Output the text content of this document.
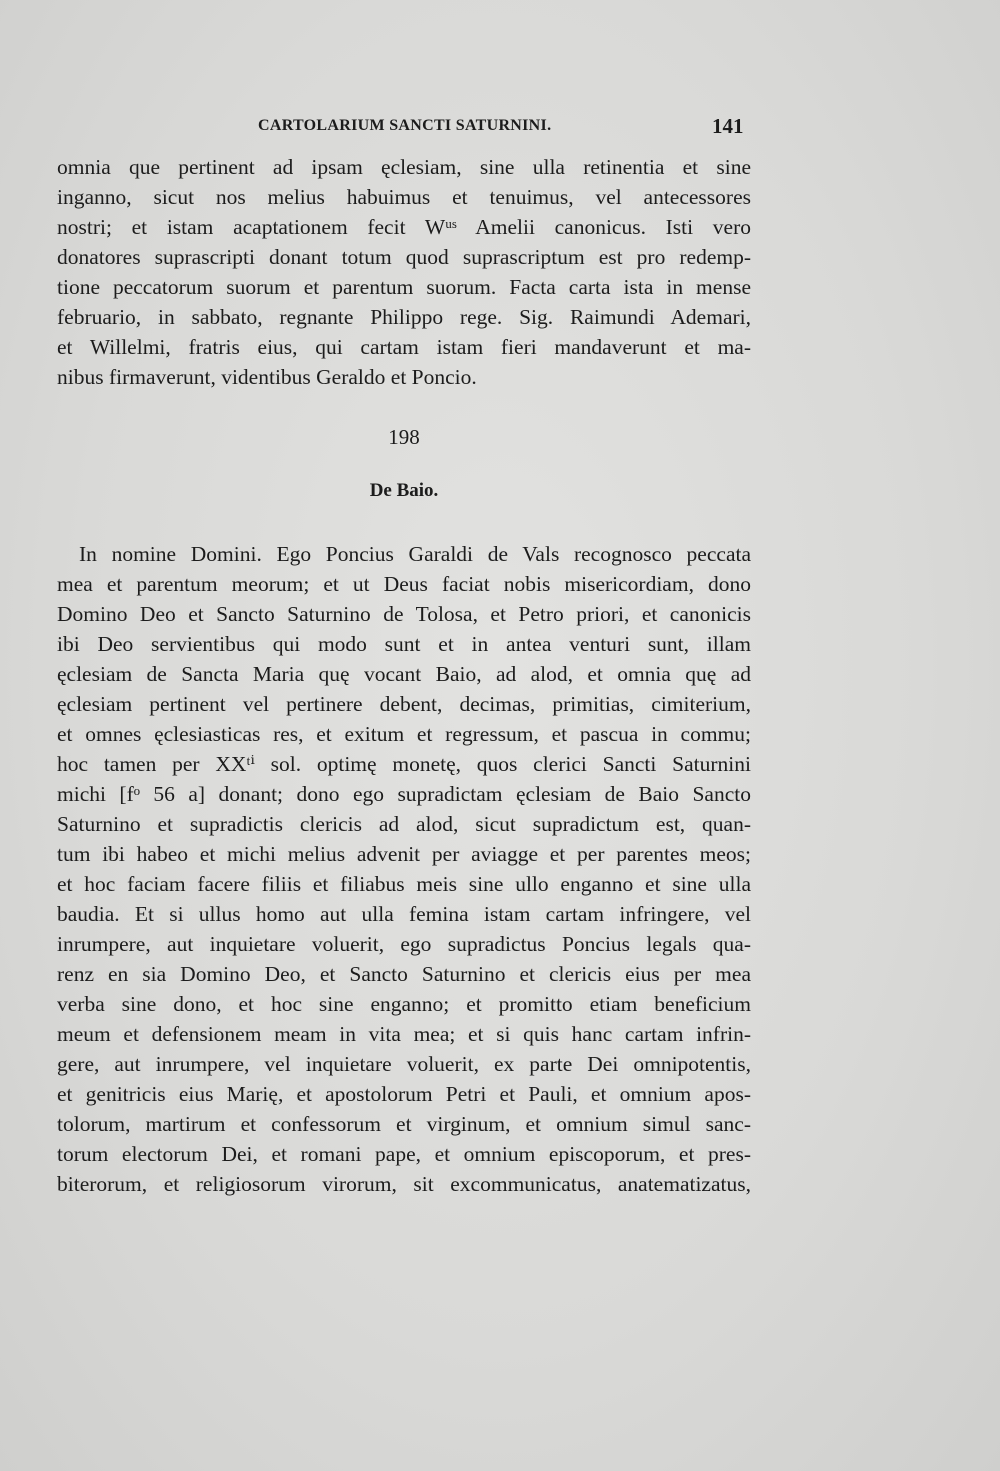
CARTOLARIUM SANCTI SATURNINI.	141
omnia que pertinent ad ipsam ęclesiam, sine ulla retinentia et sine
inganno, sicut nos melius habuimus et tenuimus, vel antecessores
nostri; et istam acaptationem fecit Wᵘˢ Amelii canonicus. Isti vero
donatores suprascripti donant totum quod suprascriptum est pro redemp-
tione peccatorum suorum et parentum suorum. Facta carta ista in mense
februario, in sabbato, regnante Philippo rege. Sig. Raimundi Ademari,
et Willelmi, fratris eius, qui cartam istam fieri mandaverunt et ma-
nibus firmaverunt, videntibus Geraldo et Poncio.
198
De Baio.
In nomine Domini. Ego Poncius Garaldi de Vals recognosco peccata
mea et parentum meorum; et ut Deus faciat nobis misericordiam, dono
Domino Deo et Sancto Saturnino de Tolosa, et Petro priori, et canonicis
ibi Deo servientibus qui modo sunt et in antea venturi sunt, illam
ęclesiam de Sancta Maria quę vocant Baio, ad alod, et omnia quę ad
ęclesiam pertinent vel pertinere debent, decimas, primitias, cimiterium,
et omnes ęclesiasticas res, et exitum et regressum, et pascua in commu;
hoc tamen per XXᵗⁱ sol. optimę monetę, quos clerici Sancti Saturnini
michi [fᵒ 56 a] donant; dono ego supradictam ęclesiam de Baio Sancto
Saturnino et supradictis clericis ad alod, sicut supradictum est, quan-
tum ibi habeo et michi melius advenit per aviagge et per parentes meos;
et hoc faciam facere filiis et filiabus meis sine ullo enganno et sine ulla
baudia. Et si ullus homo aut ulla femina istam cartam infringere, vel
inrumpere, aut inquietare voluerit, ego supradictus Poncius legals qua-
renz en sia Domino Deo, et Sancto Saturnino et clericis eius per mea
verba sine dono, et hoc sine enganno; et promitto etiam beneficium
meum et defensionem meam in vita mea; et si quis hanc cartam infrin-
gere, aut inrumpere, vel inquietare voluerit, ex parte Dei omnipotentis,
et genitricis eius Marię, et apostolorum Petri et Pauli, et omnium apos-
tolorum, martirum et confessorum et virginum, et omnium simul sanc-
torum electorum Dei, et romani pape, et omnium episcoporum, et pres-
biterorum, et religiosorum virorum, sit excommunicatus, anatematizatus,
